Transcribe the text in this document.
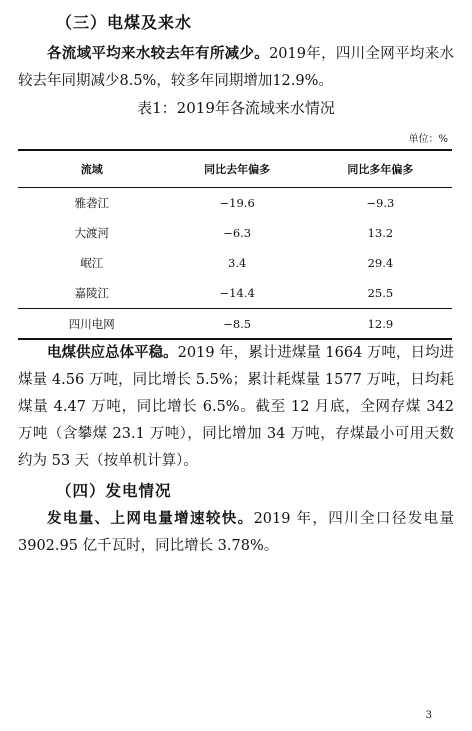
（三）电煤及来水
各流域平均来水较去年有所减少。2019年，四川全网平均来水较去年同期减少8.5%，较多年同期增加12.9%。
表1：2019年各流域来水情况
单位：%
流域	同比去年偏多	同比多年偏多
雅砻江	−19.6	−9.3
大渡河	−6.3	13.2
岷江	3.4	29.4
嘉陵江	−14.4	25.5
四川电网	−8.5	12.9
电煤供应总体平稳。2019 年，累计进煤量 1664 万吨，日均进煤量 4.56 万吨，同比增长 5.5%；累计耗煤量 1577 万吨，日均耗煤量 4.47 万吨，同比增长 6.5%。截至 12 月底，全网存煤 342 万吨（含攀煤 23.1 万吨），同比增加 34 万吨，存煤最小可用天数约为 53 天（按单机计算）。
（四）发电情况
发电量、上网电量增速较快。2019 年，四川全口径发电量 3902.95 亿千瓦时，同比增长 3.78%。
3
